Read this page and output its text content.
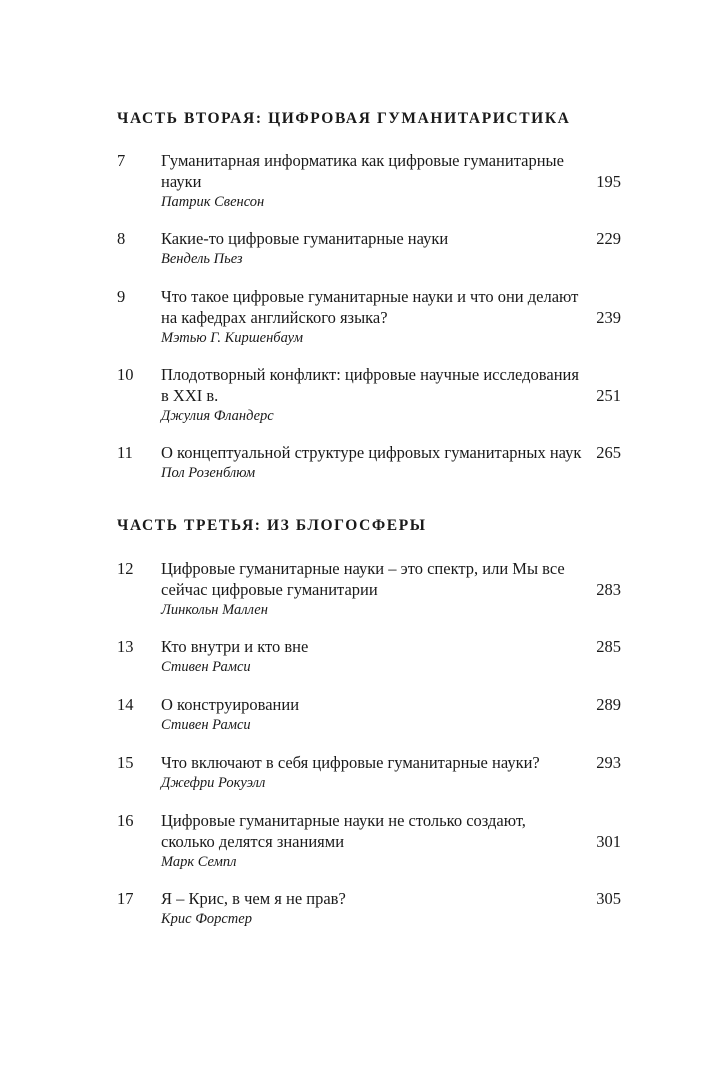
ЧАСТЬ ВТОРАЯ: ЦИФРОВАЯ ГУМАНИТАРИСТИКА
7 Гуманитарная информатика как цифровые гуманитарные науки
Патрик Свенсон
195
8 Какие-то цифровые гуманитарные науки
Вендель Пьез
229
9 Что такое цифровые гуманитарные науки и что они делают на кафедрах английского языка?
Мэтью Г. Киршенбаум
239
10 Плодотворный конфликт: цифровые научные исследования в XXI в.
Джулия Фландерс
251
11 О концептуальной структуре цифровых гуманитарных наук
Пол Розенблюм
265
ЧАСТЬ ТРЕТЬЯ: ИЗ БЛОГОСФЕРЫ
12 Цифровые гуманитарные науки – это спектр, или Мы все сейчас цифровые гуманитарии
Линкольн Маллен
283
13 Кто внутри и кто вне
Стивен Рамси
285
14 О конструировании
Стивен Рамси
289
15 Что включают в себя цифровые гуманитарные науки?
Джефри Рокуэлл
293
16 Цифровые гуманитарные науки не столько создают, сколько делятся знаниями
Марк Семпл
301
17 Я – Крис, в чем я не прав?
Крис Форстер
305
